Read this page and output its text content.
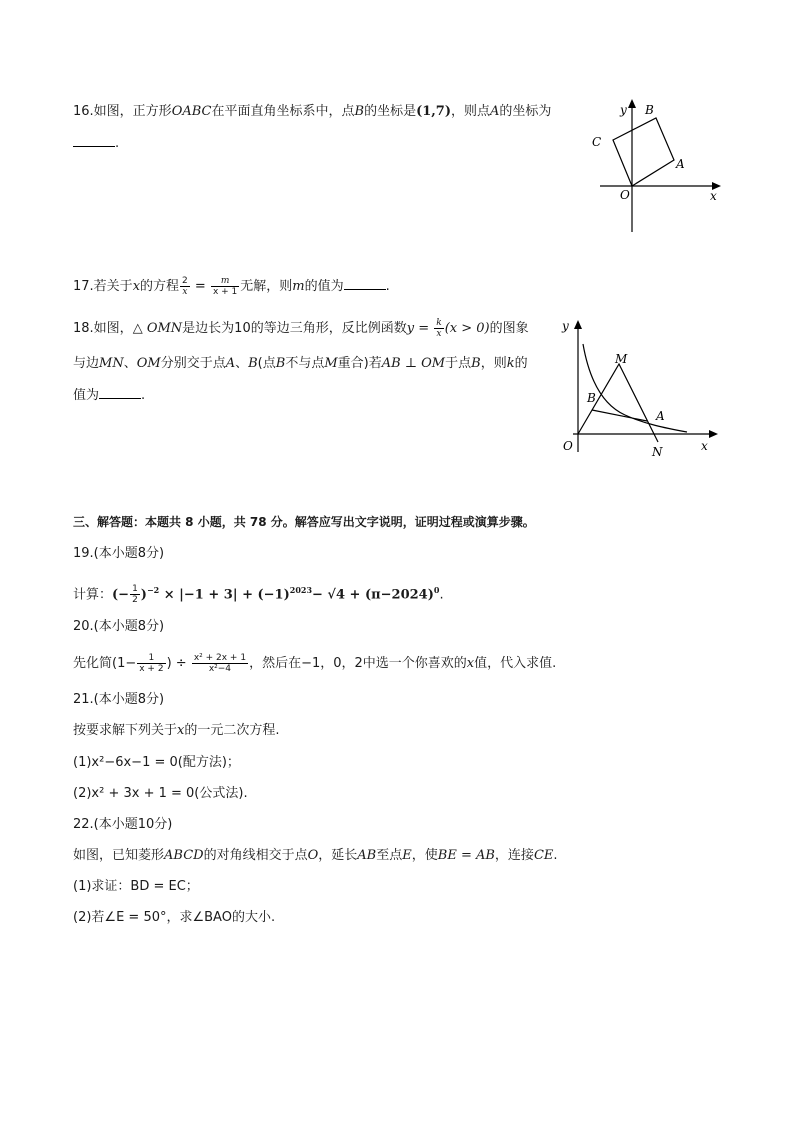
16.如图，正方形OABC在平面直角坐标系中，点B的坐标是(1,7)，则点A的坐标为
.
y
x
B
C
A
O
17.若关于x的方程 $\frac{2}{x} = \frac{m}{x + 1}$ 无解，则m的值为	.
18.如图，△ OMN是边长为10的等边三角形，反比例函数$y = \frac{k}{x} (x > 0)$的图象
与边MN、OM分别交于点A、B(点B不与点M重合)若AB ⊥ OM于点B，则k的
值为	.
y
x
M
B
A
O	N
三、解答题：本题共 8 小题，共 78 分。解答应写出文字说明，证明过程或演算步骤。
19.(本小题8分)
计算：(− $\frac{1}{2} )^{-2} \times |-1 + 3| + (-1)^{2023}- √4 + (\pi-2024)^0$.
20.(本小题8分)
先化简($1- \frac{1}{x + 2}$ ) ÷ $\frac{\text{x² + 2x + 1}}{\text{x²−4}}$ ，然后在−1，0，2中选一个你喜欢的x值，代入求值.
21.(本小题8分)
按要求解下列关于x的一元二次方程.
(1)x²−6x−1 = 0(配方法)；
(2)x² + 3x + 1 = 0(公式法).
22.(本小题10分)
如图，已知菱形ABCD的对角线相交于点O，延长AB至点E，使BE = AB，连接CE.
(1)求证：BD = EC；
(2)若∠E = 50°，求∠BAO的大小.
